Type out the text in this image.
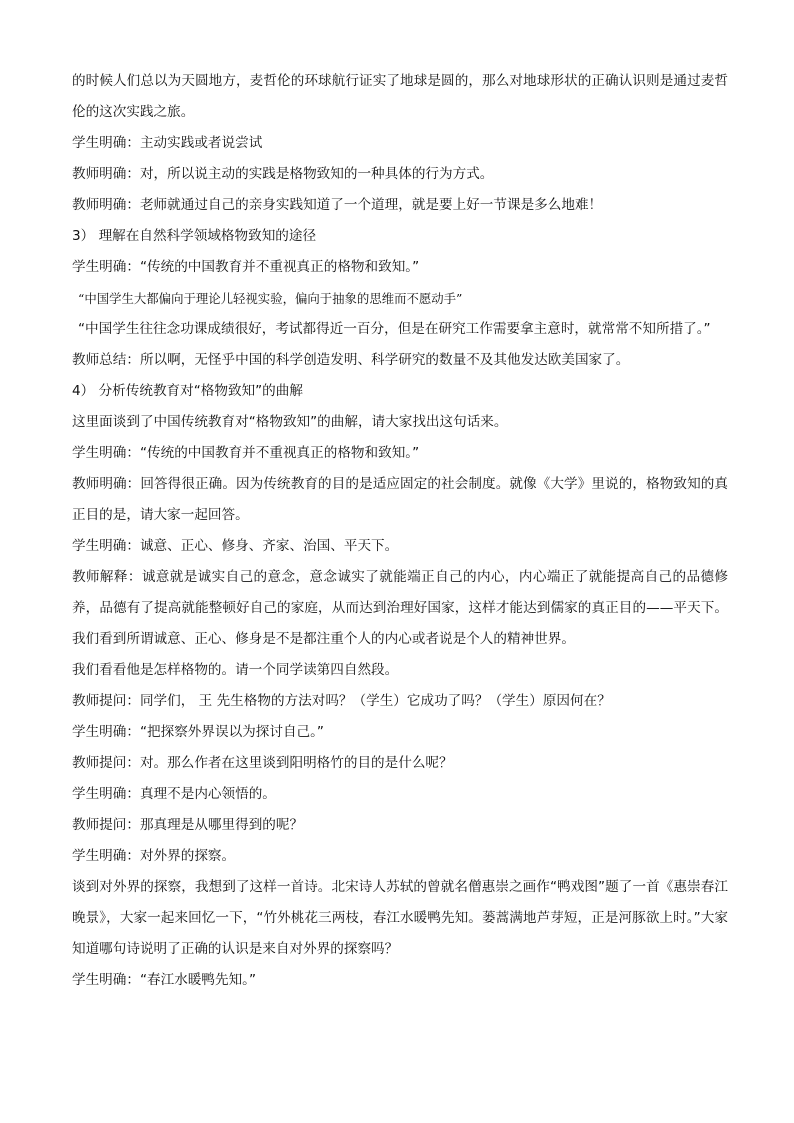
的时候人们总以为天圆地方，麦哲伦的环球航行证实了地球是圆的，那么对地球形状的正确认识则是通过麦哲伦的这次实践之旅。

学生明确：主动实践或者说尝试

教师明确：对，所以说主动的实践是格物致知的一种具体的行为方式。

教师明确：老师就通过自己的亲身实践知道了一个道理，就是要上好一节课是多么地难！

3） 理解在自然科学领域格物致知的途径

学生明确：“传统的中国教育并不重视真正的格物和致知。”

“中国学生大都偏向于理论儿轻视实验，偏向于抽象的思维而不愿动手”

“中国学生往往念功课成绩很好，考试都得近一百分，但是在研究工作需要拿主意时，就常常不知所措了。”

教师总结：所以啊，无怪乎中国的科学创造发明、科学研究的数量不及其他发达欧美国家了。

4） 分析传统教育对“格物致知”的曲解

这里面谈到了中国传统教育对“格物致知”的曲解，请大家找出这句话来。

学生明确：“传统的中国教育并不重视真正的格物和致知。”

教师明确：回答得很正确。因为传统教育的目的是适应固定的社会制度。就像《大学》里说的，格物致知的真正目的是，请大家一起回答。

学生明确：诚意、正心、修身、齐家、治国、平天下。

教师解释：诚意就是诚实自己的意念，意念诚实了就能端正自己的内心，内心端正了就能提高自己的品德修养，品德有了提高就能整顿好自己的家庭，从而达到治理好国家，这样才能达到儒家的真正目的——平天下。我们看到所谓诚意、正心、修身是不是都注重个人的内心或者说是个人的精神世界。

我们看看他是怎样格物的。请一个同学读第四自然段。

教师提问：同学们， 王 先生格物的方法对吗？（学生）它成功了吗？（学生）原因何在？

学生明确：“把探察外界误以为探讨自己。”

教师提问：对。那么作者在这里谈到阳明格竹的目的是什么呢？

学生明确：真理不是内心领悟的。

教师提问：那真理是从哪里得到的呢？

学生明确：对外界的探察。

谈到对外界的探察，我想到了这样一首诗。北宋诗人苏轼的曾就名僧惠崇之画作“鸭戏图”题了一首《惠崇春江晚景》，大家一起来回忆一下，“竹外桃花三两枝，春江水暖鸭先知。蒌蒿满地芦芽短，正是河豚欲上时。”大家知道哪句诗说明了正确的认识是来自对外界的探察吗？

学生明确：“春江水暖鸭先知。”
